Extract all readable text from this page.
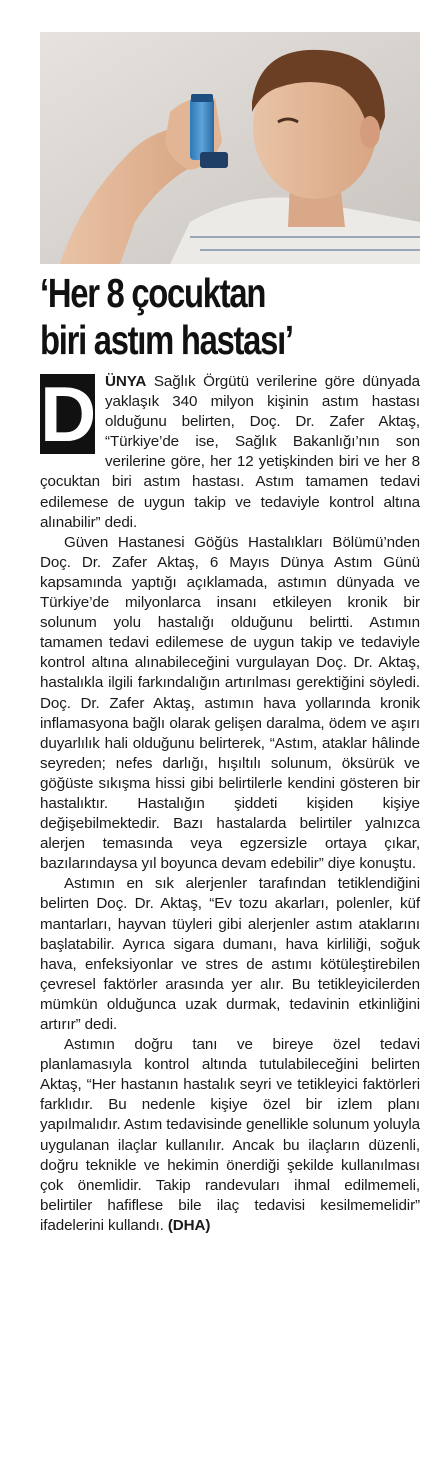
‘Her 8 çocuktan
biri astım hastası’
D ÜNYA Sağlık Örgütü verilerine göre dünyada yaklaşık 340 milyon kişinin astım hastası olduğunu belirten, Doç. Dr. Zafer Aktaş, “Türkiye’de ise, Sağlık Bakanlığı’nın son verilerine göre, her 12 yetişkinden biri ve her 8 çocuktan biri astım hastası. Astım tamamen tedavi edilemese de uygun takip ve tedaviyle kontrol altına alınabilir” dedi.

Güven Hastanesi Göğüs Hastalıkları Bölümü’nden Doç. Dr. Zafer Aktaş, 6 Mayıs Dünya Astım Günü kapsamında yaptığı açıklamada, astımın dünyada ve Türkiye’de milyonlarca insanı etkileyen kronik bir solunum yolu hastalığı olduğunu belirtti. Astımın tamamen tedavi edilemese de uygun takip ve tedaviyle kontrol altına alınabileceğini vurgulayan Doç. Dr. Aktaş, hastalıkla ilgili farkındalığın artırılması gerektiğini söyledi. Doç. Dr. Zafer Aktaş, astımın hava yollarında kronik inflamasyona bağlı olarak gelişen daralma, ödem ve aşırı duyarlılık hali olduğunu belirterek, “Astım, ataklar hâlinde seyreden; nefes darlığı, hışıltılı solunum, öksürük ve göğüste sıkışma hissi gibi belirtilerle kendini gösteren bir hastalıktır. Hastalığın şiddeti kişiden kişiye değişebilmektedir. Bazı hastalarda belirtiler yalnızca alerjen temasında veya egzersizle ortaya çıkar, bazılarındaysa yıl boyunca devam edebilir” diye konuştu.

Astımın en sık alerjenler tarafından tetiklendiğini belirten Doç. Dr. Aktaş, “Ev tozu akarları, polenler, küf mantarları, hayvan tüyleri gibi alerjenler astım ataklarını başlatabilir. Ayrıca sigara dumanı, hava kirliliği, soğuk hava, enfeksiyonlar ve stres de astımı kötüleştirebilen çevresel faktörler arasında yer alır. Bu tetikleyicilerden mümkün olduğunca uzak durmak, tedavinin etkinliğini artırır” dedi.

Astımın doğru tanı ve bireye özel tedavi planlamasıyla kontrol altında tutulabileceğini belirten Aktaş, “Her hastanın hastalık seyri ve tetikleyici faktörleri farklıdır. Bu nedenle kişiye özel bir izlem planı yapılmalıdır. Astım tedavisinde genellikle solunum yoluyla uygulanan ilaçlar kullanılır. Ancak bu ilaçların düzenli, doğru teknikle ve hekimin önerdiği şekilde kullanılması çok önemlidir. Takip randevuları ihmal edilmemeli, belirtiler hafiflese bile ilaç tedavisi kesilmemelidir” ifadelerini kullandı. (DHA)
